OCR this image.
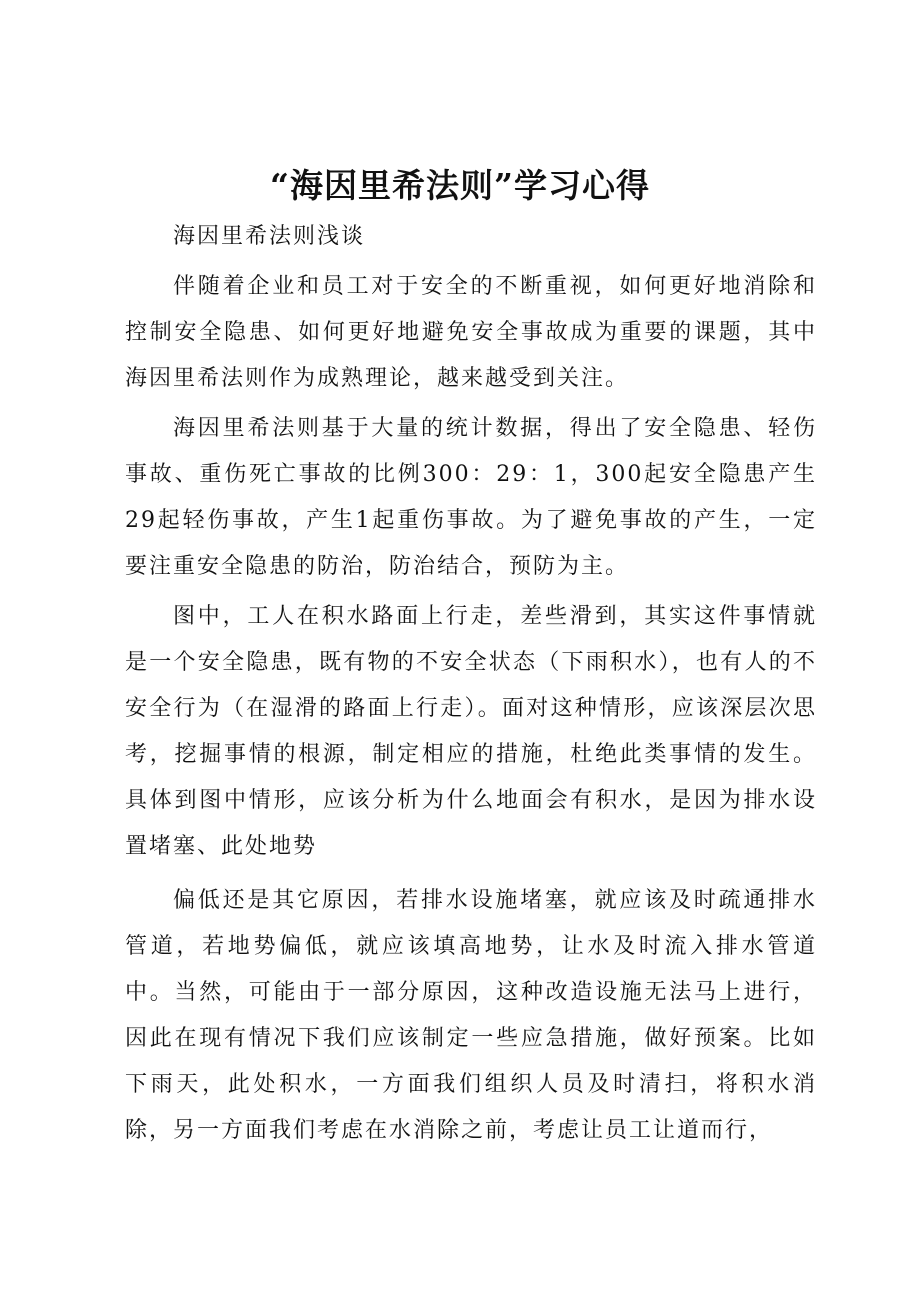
“海因里希法则”学习心得

海因里希法则浅谈

伴随着企业和员工对于安全的不断重视，如何更好地消除和控制安全隐患、如何更好地避免安全事故成为重要的课题，其中海因里希法则作为成熟理论，越来越受到关注。

海因里希法则基于大量的统计数据，得出了安全隐患、轻伤事故、重伤死亡事故的比例300：29：1，300起安全隐患产生29起轻伤事故，产生1起重伤事故。为了避免事故的产生，一定要注重安全隐患的防治，防治结合，预防为主。

图中，工人在积水路面上行走，差些滑到，其实这件事情就是一个安全隐患，既有物的不安全状态（下雨积水），也有人的不安全行为（在湿滑的路面上行走）。面对这种情形，应该深层次思考，挖掘事情的根源，制定相应的措施，杜绝此类事情的发生。具体到图中情形，应该分析为什么地面会有积水，是因为排水设置堵塞、此处地势

偏低还是其它原因，若排水设施堵塞，就应该及时疏通排水管道，若地势偏低，就应该填高地势，让水及时流入排水管道中。当然，可能由于一部分原因，这种改造设施无法马上进行，因此在现有情况下我们应该制定一些应急措施，做好预案。比如下雨天，此处积水，一方面我们组织人员及时清扫，将积水消除，另一方面我们考虑在水消除之前，考虑让员工让道而行，
